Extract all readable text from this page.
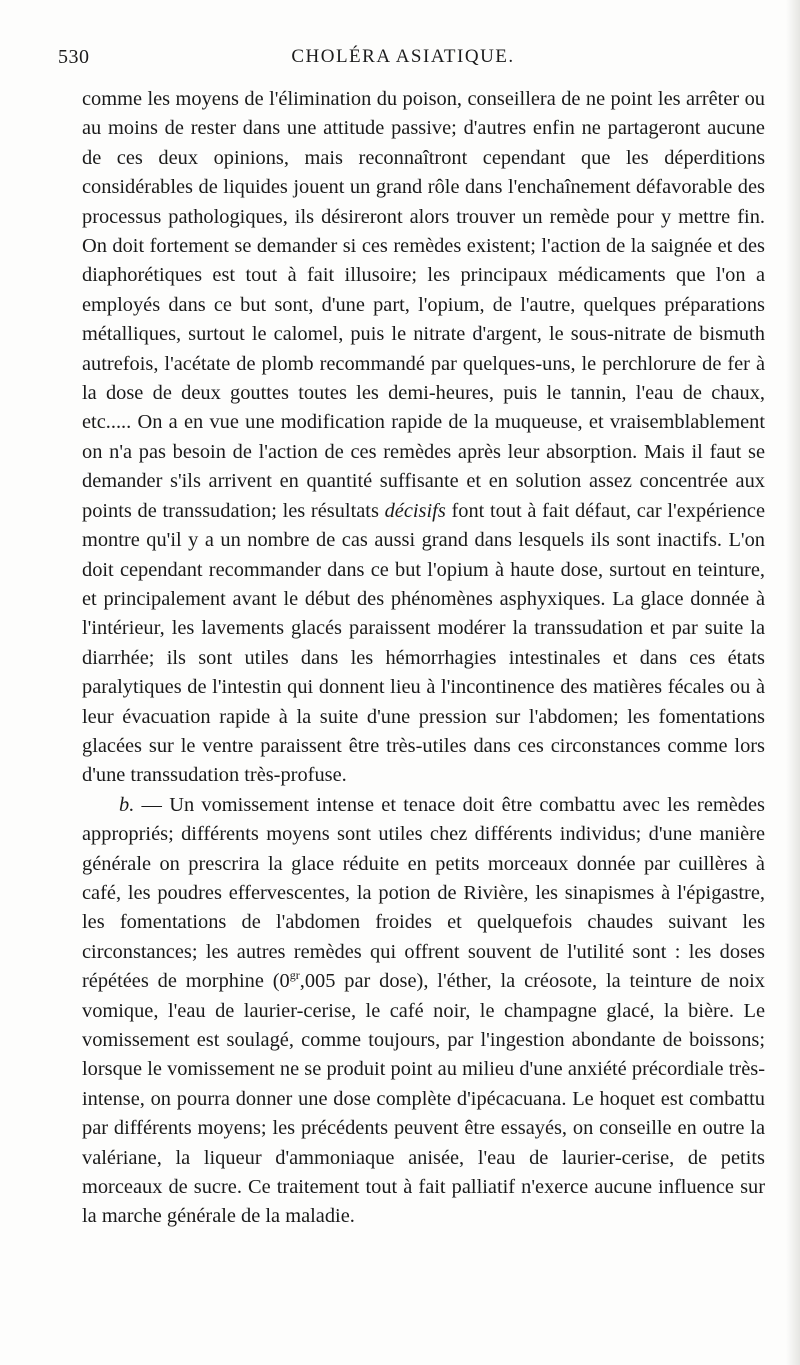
530	CHOLÉRA ASIATIQUE.

comme les moyens de l'élimination du poison, conseillera de ne point les arrêter ou au moins de rester dans une attitude passive; d'autres enfin ne partageront aucune de ces deux opinions, mais reconnaîtront cependant que les déperditions considérables de liquides jouent un grand rôle dans l'enchaînement défavorable des processus pathologiques, ils désireront alors trouver un remède pour y mettre fin. On doit fortement se demander si ces remèdes existent; l'action de la saignée et des diaphorétiques est tout à fait illusoire; les principaux médicaments que l'on a employés dans ce but sont, d'une part, l'opium, de l'autre, quelques préparations métalliques, surtout le calomel, puis le nitrate d'argent, le sous-nitrate de bismuth autrefois, l'acétate de plomb recommandé par quelques-uns, le perchlorure de fer à la dose de deux gouttes toutes les demi-heures, puis le tannin, l'eau de chaux, etc..... On a en vue une modification rapide de la muqueuse, et vraisemblablement on n'a pas besoin de l'action de ces remèdes après leur absorption. Mais il faut se demander s'ils arrivent en quantité suffisante et en solution assez concentrée aux points de transsudation; les résultats décisifs font tout à fait défaut, car l'expérience montre qu'il y a un nombre de cas aussi grand dans lesquels ils sont inactifs. L'on doit cependant recommander dans ce but l'opium à haute dose, surtout en teinture, et principalement avant le début des phénomènes asphyxiques. La glace donnée à l'intérieur, les lavements glacés paraissent modérer la transsudation et par suite la diarrhée; ils sont utiles dans les hémorrhagies intestinales et dans ces états paralytiques de l'intestin qui donnent lieu à l'incontinence des matières fécales ou à leur évacuation rapide à la suite d'une pression sur l'abdomen; les fomentations glacées sur le ventre paraissent être très-utiles dans ces circonstances comme lors d'une transsudation très-profuse.

b. — Un vomissement intense et tenace doit être combattu avec les remèdes appropriés; différents moyens sont utiles chez différents individus; d'une manière générale on prescrira la glace réduite en petits morceaux donnée par cuillères à café, les poudres effervescentes, la potion de Rivière, les sinapismes à l'épigastre, les fomentations de l'abdomen froides et quelquefois chaudes suivant les circonstances; les autres remèdes qui offrent souvent de l'utilité sont : les doses répétées de morphine ($0^{gr},005$ par dose), l'éther, la créosote, la teinture de noix vomique, l'eau de laurier-cerise, le café noir, le champagne glacé, la bière. Le vomissement est soulagé, comme toujours, par l'ingestion abondante de boissons; lorsque le vomissement ne se produit point au milieu d'une anxiété précordiale très-intense, on pourra donner une dose complète d'ipécacuana. Le hoquet est combattu par différents moyens; les précédents peuvent être essayés, on conseille en outre la valériane, la liqueur d'ammoniaque anisée, l'eau de laurier-cerise, de petits morceaux de sucre. Ce traitement tout à fait palliatif n'exerce aucune influence sur la marche générale de la maladie.
